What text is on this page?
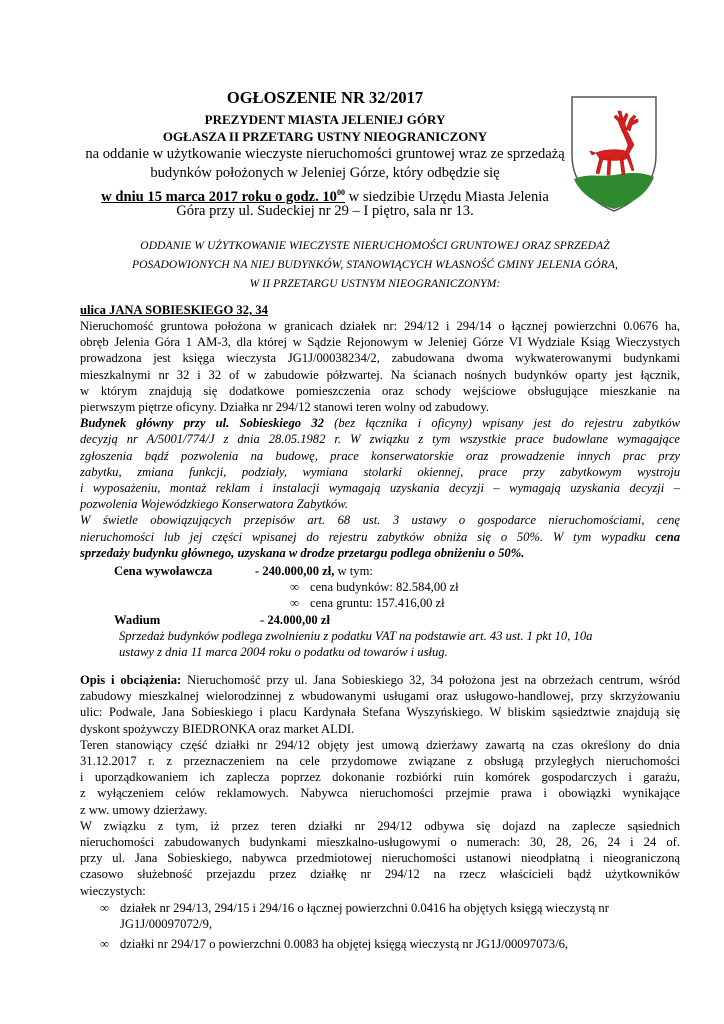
OGŁOSZENIE NR 32/2017
PREZYDENT MIASTA JELENIEJ GÓRY
OGŁASZA II PRZETARG USTNY NIEOGRANICZONY
na oddanie w użytkowanie wieczyste nieruchomości gruntowej wraz ze sprzedażą
budynków położonych w Jeleniej Górze, który odbędzie się
w dniu 15 marca 2017 roku o godz. $10^{00}$ w siedzibie Urzędu Miasta Jelenia
Góra przy ul. Sudeckiej nr 29 – I piętro, sala nr 13.
ODDANIE W UŻYTKOWANIE WIECZYSTE NIERUCHOMOŚCI GRUNTOWEJ ORAZ SPRZEDAŻ
POSADOWIONYCH NA NIEJ BUDYNKÓW, STANOWIĄCYCH WŁASNOŚĆ GMINY JELENIA GÓRA,
W II PRZETARGU USTNYM NIEOGRANICZONYM:
ulica JANA SOBIESKIEGO 32, 34
Nieruchomość gruntowa położona w granicach działek nr: 294/12 i 294/14 o łącznej powierzchni 0.0676 ha,
obręb Jelenia Góra 1 AM-3, dla której w Sądzie Rejonowym w Jeleniej Górze VI Wydziale Ksiąg Wieczystych
prowadzona jest księga wieczysta JG1J/00038234/2, zabudowana dwoma wykwaterowanymi budynkami
mieszkalnymi nr 32 i 32 of w zabudowie półzwartej. Na ścianach nośnych budynków oparty jest łącznik,
w którym znajdują się dodatkowe pomieszczenia oraz schody wejściowe obsługujące mieszkanie na
pierwszym piętrze oficyny. Działka nr 294/12 stanowi teren wolny od zabudowy.
Budynek główny przy ul. Sobieskiego 32 (bez łącznika i oficyny) wpisany jest do rejestru zabytków
decyzją nr A/5001/774/J z dnia 28.05.1982 r. W związku z tym wszystkie prace budowlane wymagające
zgłoszenia bądź pozwolenia na budowę, prace konserwatorskie oraz prowadzenie innych prac przy
zabytku, zmiana funkcji, podziały, wymiana stolarki okiennej, prace przy zabytkowym wystroju
i wyposażeniu, montaż reklam i instalacji wymagają uzyskania decyzji – wymagają uzyskania decyzji –
pozwolenia Wojewódzkiego Konserwatora Zabytków.
W świetle obowiązujących przepisów art. 68 ust. 3 ustawy o gospodarce nieruchomościami, cenę
nieruchomości lub jej części wpisanej do rejestru zabytków obniża się o 50%. W tym wypadku cena
sprzedaży budynku głównego, uzyskana w drodze przetargu podlega obniżeniu o 50%.
Cena wywoławcza	- 240.000,00 zł, w tym:
∞ cena budynków: 82.584,00 zł
∞ cena gruntu: 157.416,00 zł
Wadium	- 24.000,00 zł
Sprzedaż budynków podlega zwolnieniu z podatku VAT na podstawie art. 43 ust. 1 pkt 10, 10a
ustawy z dnia 11 marca 2004 roku o podatku od towarów i usług.
Opis i obciążenia: Nieruchomość przy ul. Jana Sobieskiego 32, 34 położona jest na obrzeżach centrum, wśród
zabudowy mieszkalnej wielorodzinnej z wbudowanymi usługami oraz usługowo-handlowej, przy skrzyżowaniu
ulic: Podwale, Jana Sobieskiego i placu Kardynała Stefana Wyszyńskiego. W bliskim sąsiedztwie znajdują się
dyskont spożywczy BIEDRONKA oraz market ALDI.
Teren stanowiący część działki nr 294/12 objęty jest umową dzierżawy zawartą na czas określony do dnia
31.12.2017 r. z przeznaczeniem na cele przydomowe związane z obsługą przyległych nieruchomości
i uporządkowaniem ich zaplecza poprzez dokonanie rozbiórki ruin komórek gospodarczych i garażu,
z wyłączeniem celów reklamowych. Nabywca nieruchomości przejmie prawa i obowiązki wynikające
z ww. umowy dzierżawy.
W związku z tym, iż przez teren działki nr 294/12 odbywa się dojazd na zaplecze sąsiednich
nieruchomości zabudowanych budynkami mieszkalno-usługowymi o numerach: 30, 28, 26, 24 i 24 of.
przy ul. Jana Sobieskiego, nabywca przedmiotowej nieruchomości ustanowi nieodpłatną i nieograniczoną
czasowo służebność przejazdu przez działkę nr 294/12 na rzecz właścicieli bądź użytkowników
wieczystych:
∞ działek nr 294/13, 294/15 i 294/16 o łącznej powierzchni 0.0416 ha objętych księgą wieczystą nr
JG1J/00097072/9,
∞ działki nr 294/17 o powierzchni 0.0083 ha objętej księgą wieczystą nr JG1J/00097073/6,
